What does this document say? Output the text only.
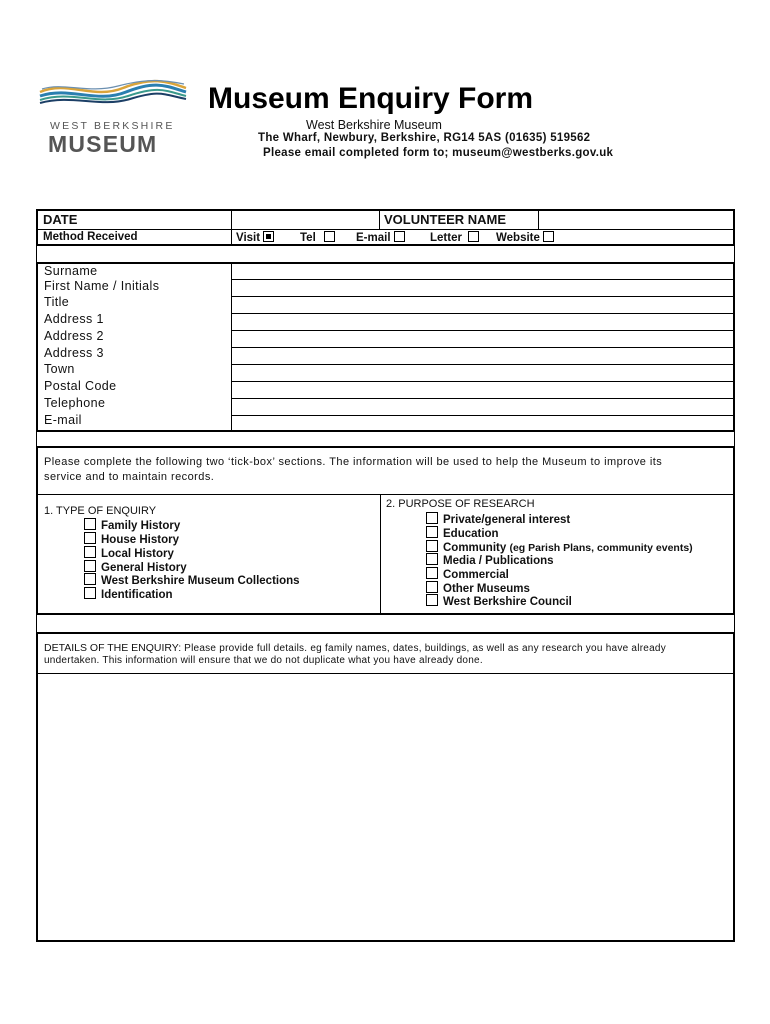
WEST BERKSHIRE
MUSEUM
Museum Enquiry Form
West Berkshire Museum
The Wharf, Newbury, Berkshire, RG14 5AS (01635) 519562
Please email completed form to; museum@westberks.gov.uk
DATE	VOLUNTEER NAME
Method Received	Visit	Tel	E-mail	Letter	Website
Surname
First Name / Initials
Title
Address 1
Address 2
Address 3
Town
Postal Code
Telephone
E-mail
Please complete the following two ‘tick-box’ sections. The information will be used to help the Museum to improve its
service and to maintain records.
1. TYPE OF ENQUIRY
Family History
House History
Local History
General History
West Berkshire Museum Collections
Identification
2. PURPOSE OF RESEARCH
Private/general interest
Education
Community (eg Parish Plans, community events)
Media / Publications
Commercial
Other Museums
West Berkshire Council
DETAILS OF THE ENQUIRY: Please provide full details. eg family names, dates, buildings, as well as any research you have already
undertaken. This information will ensure that we do not duplicate what you have already done.
